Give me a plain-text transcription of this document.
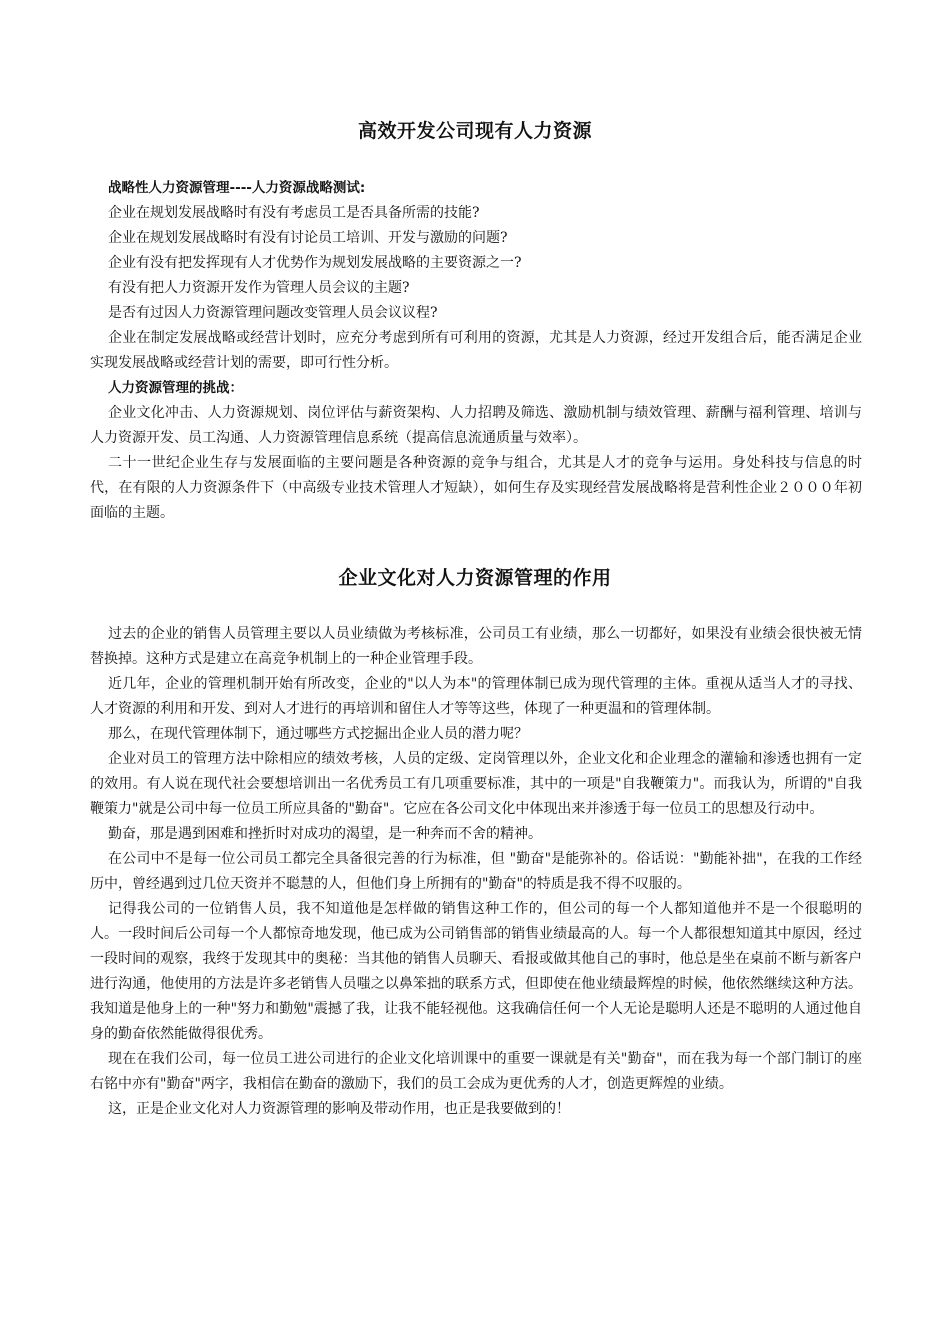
高效开发公司现有人力资源

战略性人力资源管理----人力资源战略测试:

企业在规划发展战略时有没有考虑员工是否具备所需的技能?

企业在规划发展战略时有没有讨论员工培训、开发与激励的问题?

企业有没有把发挥现有人才优势作为规划发展战略的主要资源之一?

有没有把人力资源开发作为管理人员会议的主题?

是否有过因人力资源管理问题改变管理人员会议议程?

企业在制定发展战略或经营计划时，应充分考虑到所有可利用的资源，尤其是人力资源，经过开发组合后，能否满足企业实现发展战略或经营计划的需要，即可行性分析。

人力资源管理的挑战：

企业文化冲击、人力资源规划、岗位评估与薪资架构、人力招聘及筛选、激励机制与绩效管理、薪酬与福利管理、培训与人力资源开发、员工沟通、人力资源管理信息系统（提高信息流通质量与效率）。

二十一世纪企业生存与发展面临的主要问题是各种资源的竞争与组合，尤其是人才的竞争与运用。身处科技与信息的时代，在有限的人力资源条件下（中高级专业技术管理人才短缺），如何生存及实现经营发展战略将是营利性企业２０００年初面临的主题。

企业文化对人力资源管理的作用

过去的企业的销售人员管理主要以人员业绩做为考核标准，公司员工有业绩，那么一切都好，如果没有业绩会很快被无情替换掉。这种方式是建立在高竞争机制上的一种企业管理手段。

近几年，企业的管理机制开始有所改变，企业的"以人为本"的管理体制已成为现代管理的主体。重视从适当人才的寻找、人才资源的利用和开发、到对人才进行的再培训和留住人才等等这些，体现了一种更温和的管理体制。

那么，在现代管理体制下，通过哪些方式挖掘出企业人员的潜力呢？

企业对员工的管理方法中除相应的绩效考核，人员的定级、定岗管理以外，企业文化和企业理念的灌输和渗透也拥有一定的效用。有人说在现代社会要想培训出一名优秀员工有几项重要标准，其中的一项是"自我鞭策力"。而我认为，所谓的"自我鞭策力"就是公司中每一位员工所应具备的"勤奋"。它应在各公司文化中体现出来并渗透于每一位员工的思想及行动中。

勤奋，那是遇到困难和挫折时对成功的渴望，是一种奔而不舍的精神。

在公司中不是每一位公司员工都完全具备很完善的行为标准，但 "勤奋"是能弥补的。俗话说："勤能补拙"，在我的工作经历中，曾经遇到过几位天资并不聪慧的人，但他们身上所拥有的"勤奋"的特质是我不得不叹服的。

记得我公司的一位销售人员，我不知道他是怎样做的销售这种工作的，但公司的每一个人都知道他并不是一个很聪明的人。一段时间后公司每一个人都惊奇地发现，他已成为公司销售部的销售业绩最高的人。每一个人都很想知道其中原因，经过一段时间的观察，我终于发现其中的奥秘：当其他的销售人员聊天、看报或做其他自己的事时，他总是坐在桌前不断与新客户进行沟通，他使用的方法是许多老销售人员嗤之以鼻笨拙的联系方式，但即使在他业绩最辉煌的时候，他依然继续这种方法。我知道是他身上的一种"努力和勤勉"震撼了我，让我不能轻视他。这我确信任何一个人无论是聪明人还是不聪明的人通过他自身的勤奋依然能做得很优秀。

现在在我们公司，每一位员工进公司进行的企业文化培训课中的重要一课就是有关"勤奋"，而在我为每一个部门制订的座右铭中亦有"勤奋"两字，我相信在勤奋的激励下，我们的员工会成为更优秀的人才，创造更辉煌的业绩。

这，正是企业文化对人力资源管理的影响及带动作用，也正是我要做到的！
